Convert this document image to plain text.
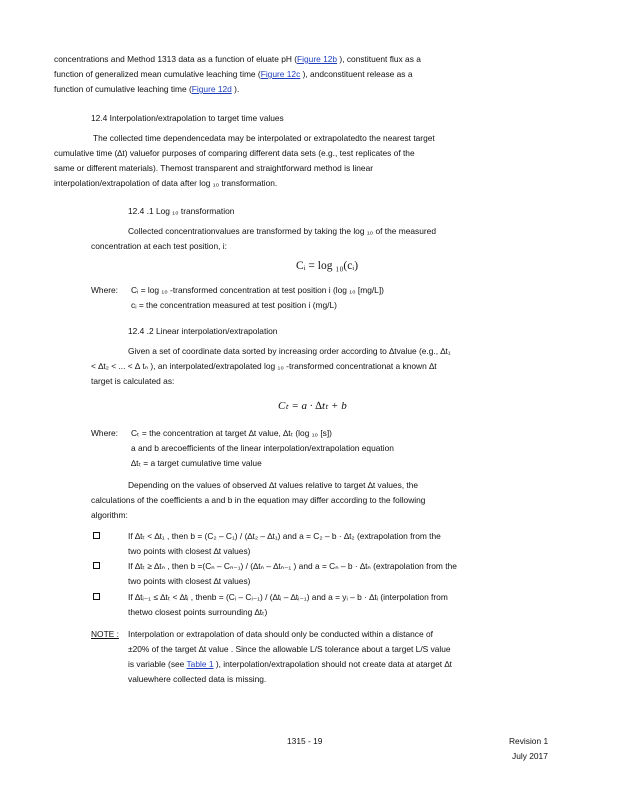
concentrations and Method 1313 data as a function of eluate pH (Figure 12b ), constituent flux as a
function of generalized mean cumulative leaching time (Figure 12c ), andconstituent release as a
function of cumulative leaching time (Figure 12d ).
12.4 Interpolation/extrapolation to target time values
The collected time dependencedata may be interpolated or extrapolatedto the nearest target
cumulative time (∆t) valuefor purposes of comparing different data sets (e.g., test replicates of the
same or different materials). Themost transparent and straightforward method is linear
interpolation/extrapolation of data after log ₁₀ transformation.
12.4 .1 Log ₁₀ transformation
Collected concentrationvalues are transformed by taking the log ₁₀ of the measured
concentration at each test position, i:
Cᵢ = log ₁₀(cᵢ)
Where: Cᵢ = log ₁₀ -transformed concentration at test position i (log ₁₀ [mg/L])
cᵢ = the concentration measured at test position i (mg/L)
12.4 .2 Linear interpolation/extrapolation
Given a set of coordinate data sorted by increasing order according to ∆tvalue (e.g., ∆t₁
< ∆t₂ < ... < ∆ tₙ ), an interpolated/extrapolated log ₁₀ -transformed concentrationat a known ∆t
target is calculated as:
Cₜ = a · ∆tₜ + b
Where: Cₜ = the concentration at target ∆t value, ∆tₜ (log ₁₀ [s])
a and b arecoefficients of the linear interpolation/extrapolation equation
∆tₜ = a target cumulative time value
Depending on the values of observed ∆t values relative to target ∆t values, the
calculations of the coefficients a and b in the equation may differ according to the following
algorithm:
If ∆tₜ < ∆t₁ , then b = (C₂ – C₁) / (∆t₂ – ∆t₁) and a = C₂ – b · ∆t₂ (extrapolation from the
two points with closest ∆t values)
If ∆tₜ ≥ ∆tₙ , then b =(Cₙ – Cₙ₋₁) / (∆tₙ – ∆tₙ₋₁ ) and a = Cₙ – b · ∆tₙ (extrapolation from the
two points with closest ∆t values)
If ∆tᵢ₋₁ ≤ ∆tₜ < ∆tᵢ , thenb = (Cᵢ – Cᵢ₋₁) / (∆tᵢ – ∆tᵢ₋₁) and a = yᵢ – b · ∆tᵢ (interpolation from
thetwo closest points surrounding ∆tₜ)
NOTE : Interpolation or extrapolation of data should only be conducted within a distance of
±20% of the target ∆t value . Since the allowable L/S tolerance about a target L/S value
is variable (see Table 1 ), interpolation/extrapolation should not create data at atarget ∆t
valuewhere collected data is missing.
1315 - 19	Revision 1
July 2017
